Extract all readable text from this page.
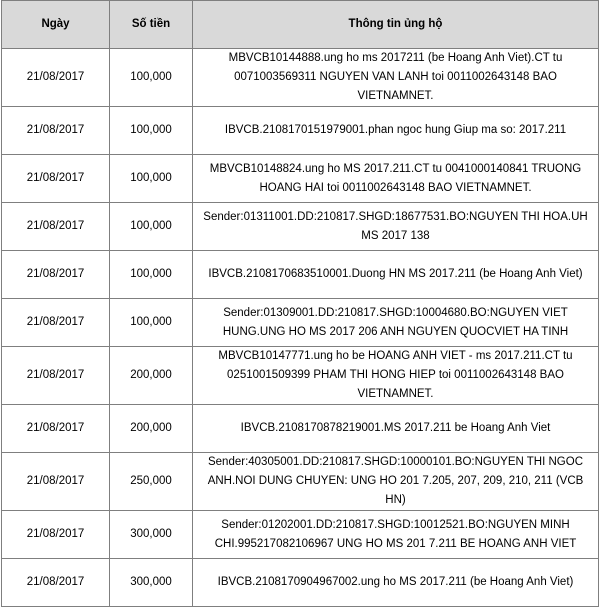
Ngày	Số tiền	Thông tin ủng hộ
21/08/2017	100,000	MBVCB10144888.ung ho ms 2017211 (be Hoang Anh Viet).CT tu 0071003569311 NGUYEN VAN LANH toi 0011002643148 BAO VIETNAMNET.
21/08/2017	100,000	IBVCB.2108170151979001.phan ngoc hung Giup ma so: 2017.211
21/08/2017	100,000	MBVCB10148824.ung ho MS 2017.211.CT tu 0041000140841 TRUONG HOANG HAI toi 0011002643148 BAO VIETNAMNET.
21/08/2017	100,000	Sender:01311001.DD:210817.SHGD:18677531.BO:NGUYEN THI HOA.UH MS 2017 138
21/08/2017	100,000	IBVCB.2108170683510001.Duong HN MS 2017.211 (be Hoang Anh Viet)
21/08/2017	100,000	Sender:01309001.DD:210817.SHGD:10004680.BO:NGUYEN VIET HUNG.UNG HO MS 2017 206 ANH NGUYEN QUOCVIET HA TINH
21/08/2017	200,000	MBVCB10147771.ung ho be HOANG ANH VIET - ms 2017.211.CT tu 0251001509399 PHAM THI HONG HIEP toi 0011002643148 BAO VIETNAMNET.
21/08/2017	200,000	IBVCB.2108170878219001.MS 2017.211 be Hoang Anh Viet
21/08/2017	250,000	Sender:40305001.DD:210817.SHGD:10000101.BO:NGUYEN THI NGOC ANH.NOI DUNG CHUYEN: UNG HO 201 7.205, 207, 209, 210, 211 (VCB HN)
21/08/2017	300,000	Sender:01202001.DD:210817.SHGD:10012521.BO:NGUYEN MINH CHI.995217082106967 UNG HO MS 201 7.211 BE HOANG ANH VIET
21/08/2017	300,000	IBVCB.2108170904967002.ung ho MS 2017.211 (be Hoang Anh Viet)
